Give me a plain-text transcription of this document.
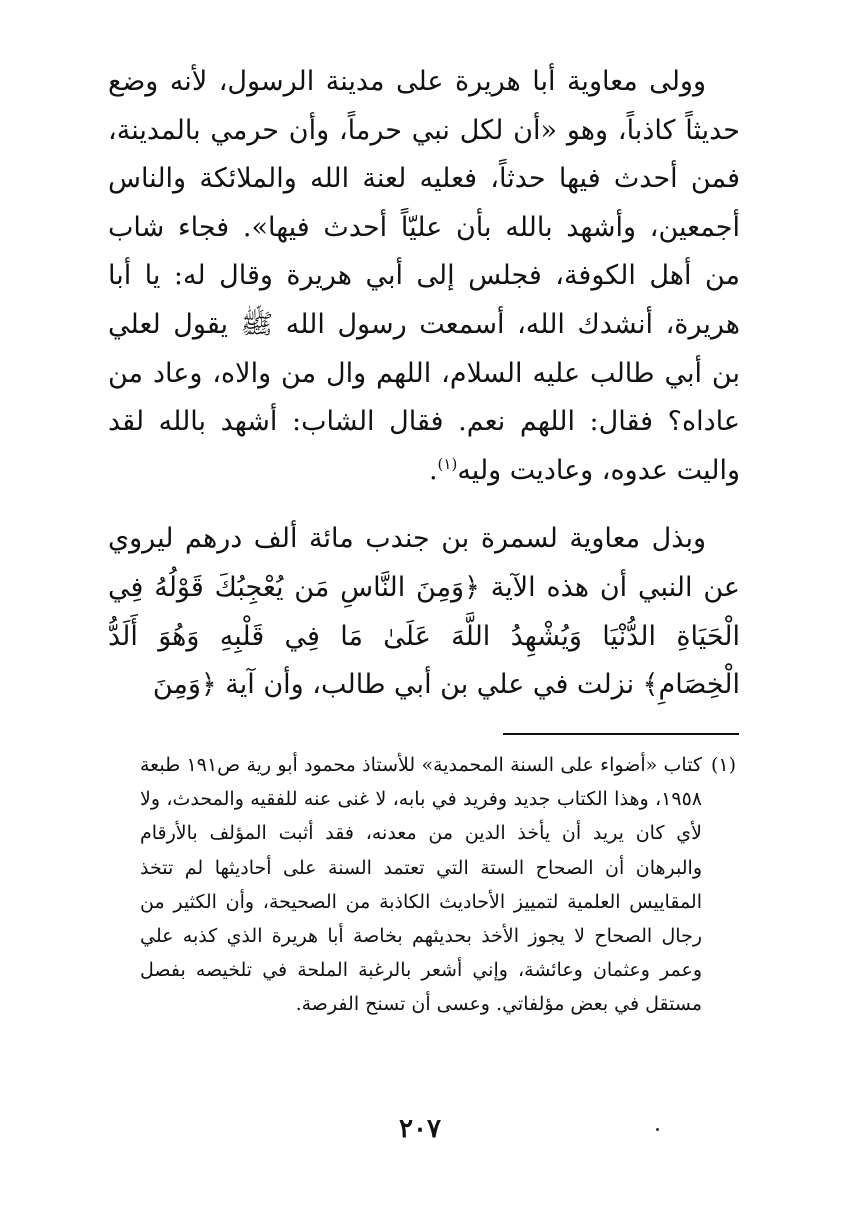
وولى معاوية أبا هريرة على مدينة الرسول، لأنه وضع حديثاً كاذباً، وهو «أن لكل نبي حرماً، وأن حرمي بالمدينة، فمن أحدث فيها حدثاً، فعليه لعنة الله والملائكة والناس أجمعين، وأشهد بالله بأن عليّاً أحدث فيها». فجاء شاب من أهل الكوفة، فجلس إلى أبي هريرة وقال له: يا أبا هريرة، أنشدك الله، أسمعت رسول الله ﷺ يقول لعلي بن أبي طالب عليه السلام، اللهم وال من والاه، وعاد من عاداه؟ فقال: اللهم نعم. فقال الشاب: أشهد بالله لقد واليت عدوه، وعاديت وليه$^{(١)}$.

وبذل معاوية لسمرة بن جندب مائة ألف درهم ليروي عن النبي أن هذه الآية ﴿وَمِنَ النَّاسِ مَن يُعْجِبُكَ قَوْلُهُ فِي الْحَيَاةِ الدُّنْيَا وَيُشْهِدُ اللَّهَ عَلَىٰ مَا فِي قَلْبِهِ وَهُوَ أَلَدُّ الْخِصَامِ﴾ نزلت في علي بن أبي طالب، وأن آية ﴿وَمِنَ

(١)
كتاب «أضواء على السنة المحمدية» للأستاذ محمود أبو رية ص١٩١ طبعة ١٩٥٨، وهذا الكتاب جديد وفريد في بابه، لا غنى عنه للفقيه والمحدث، ولا لأي كان يريد أن يأخذ الدين من معدنه، فقد أثبت المؤلف بالأرقام والبرهان أن الصحاح الستة التي تعتمد السنة على أحاديثها لم تتخذ المقاييس العلمية لتمييز الأحاديث الكاذبة من الصحيحة، وأن الكثير من رجال الصحاح لا يجوز الأخذ بحديثهم بخاصة أبا هريرة الذي كذبه علي وعمر وعثمان وعائشة، وإني أشعر بالرغبة الملحة في تلخيصه بفصل مستقل في بعض مؤلفاتي. وعسى أن تسنح الفرصة.
٢٠٧
